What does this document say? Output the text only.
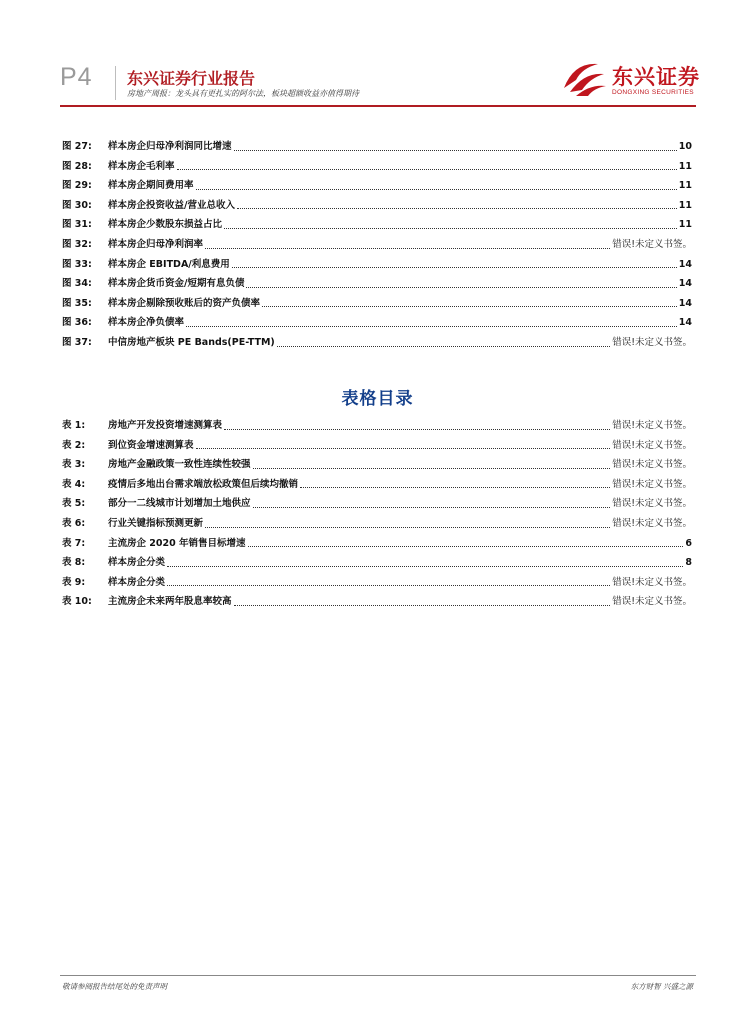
P4 东兴证券行业报告
房地产周报：龙头具有更扎实的阿尔法，板块超额收益亦值得期待
东兴证券
DONGXING SECURITIES
图 27: 样本房企归母净利润同比增速	10
图 28: 样本房企毛利率	11
图 29: 样本房企期间费用率	11
图 30: 样本房企投资收益/营业总收入	11
图 31: 样本房企少数股东损益占比	11
图 32: 样本房企归母净利润率	错误!未定义书签。
图 33: 样本房企 EBITDA/利息费用	14
图 34: 样本房企货币资金/短期有息负债	14
图 35: 样本房企剔除预收账后的资产负债率	14
图 36: 样本房企净负债率	14
图 37: 中信房地产板块 PE Bands(PE-TTM)	错误!未定义书签。
表格目录
表 1: 房地产开发投资增速测算表	错误!未定义书签。
表 2: 到位资金增速测算表	错误!未定义书签。
表 3: 房地产金融政策一致性连续性较强	错误!未定义书签。
表 4: 疫情后多地出台需求端放松政策但后续均撤销	错误!未定义书签。
表 5: 部分一二线城市计划增加土地供应	错误!未定义书签。
表 6: 行业关键指标预测更新	错误!未定义书签。
表 7: 主流房企 2020 年销售目标增速	6
表 8: 样本房企分类	8
表 9: 样本房企分类	错误!未定义书签。
表 10: 主流房企未来两年股息率较高	错误!未定义书签。
敬请参阅报告结尾处的免责声明	东方财智 兴盛之源
